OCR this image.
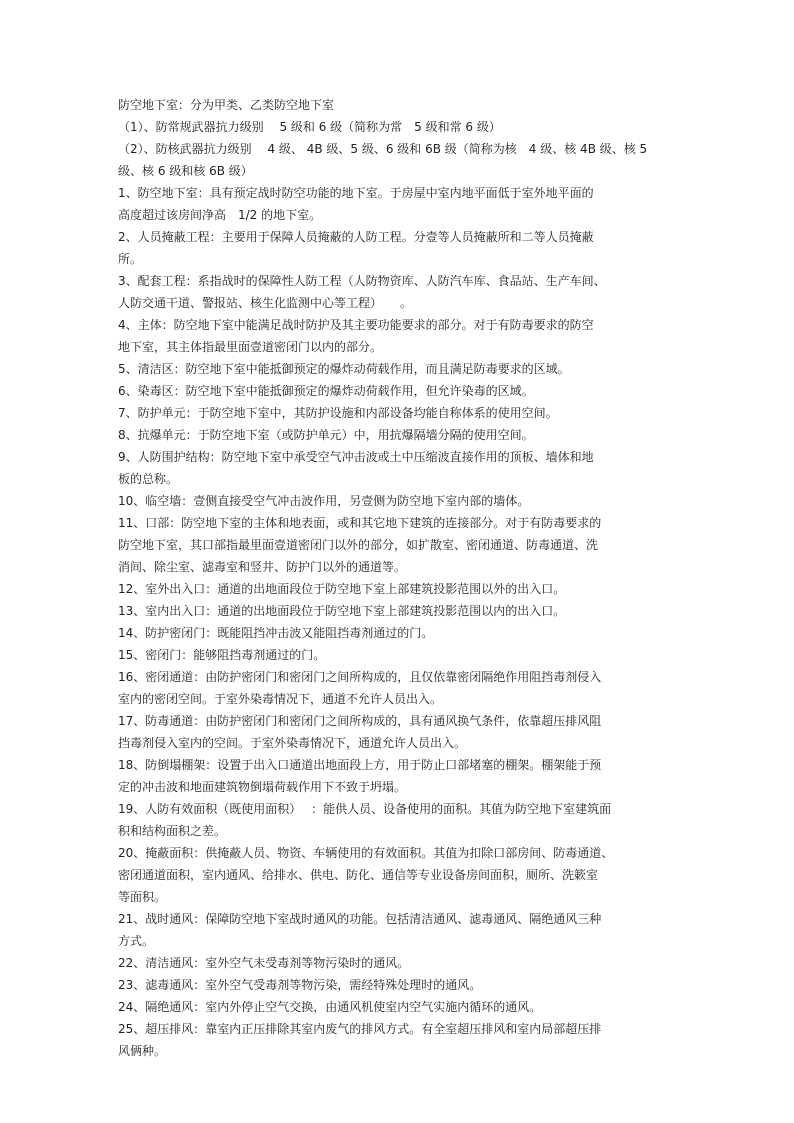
防空地下室：分为甲类、乙类防空地下室
（1）、防常规武器抗力级别　 5 级和 6 级（简称为常　5 级和常 6 级）
（2）、防核武器抗力级别　 4 级、 4B 级、5 级、6 级和 6B 级（简称为核　4 级、核 4B 级、核 5
级、核 6 级和核 6B 级）
1、防空地下室：具有预定战时防空功能的地下室。于房屋中室内地平面低于室外地平面的
高度超过该房间净高　1/2 的地下室。
2、人员掩蔽工程：主要用于保障人员掩蔽的人防工程。分壹等人员掩蔽所和二等人员掩蔽
所。
3、配套工程：系指战时的保障性人防工程（人防物资库、人防汽车库、食品站、生产车间、
人防交通干道、警报站、核生化监测中心等工程）　　。
4、主体：防空地下室中能满足战时防护及其主要功能要求的部分。对于有防毒要求的防空
地下室，其主体指最里面壹道密闭门以内的部分。
5、清洁区：防空地下室中能抵御预定的爆炸动荷载作用，而且满足防毒要求的区域。
6、染毒区：防空地下室中能抵御预定的爆炸动荷载作用，但允许染毒的区域。
7、防护单元：于防空地下室中，其防护设施和内部设备均能自称体系的使用空间。
8、抗爆单元：于防空地下室（或防护单元）中，用抗爆隔墙分隔的使用空间。
9、人防围护结构：防空地下室中承受空气冲击波或土中压缩波直接作用的顶板、墙体和地
板的总称。
10、临空墙：壹侧直接受空气冲击波作用，另壹侧为防空地下室内部的墙体。
11、口部：防空地下室的主体和地表面，或和其它地下建筑的连接部分。对于有防毒要求的
防空地下室，其口部指最里面壹道密闭门以外的部分，如扩散室、密闭通道、防毒通道、洗
消间、除尘室、滤毒室和竖井、防护门以外的通道等。
12、室外出入口：通道的出地面段位于防空地下室上部建筑投影范围以外的出入口。
13、室内出入口：通道的出地面段位于防空地下室上部建筑投影范围以内的出入口。
14、防护密闭门：既能阻挡冲击波又能阻挡毒剂通过的门。
15、密闭门：能够阻挡毒剂通过的门。
16、密闭通道：由防护密闭门和密闭门之间所构成的，且仅依靠密闭隔绝作用阻挡毒剂侵入
室内的密闭空间。于室外染毒情况下，通道不允许人员出入。
17、防毒通道：由防护密闭门和密闭门之间所构成的，具有通风换气条件，依靠超压排风阻
挡毒剂侵入室内的空间。于室外染毒情况下，通道允许人员出入。
18、防倒塌棚架：设置于出入口通道出地面段上方，用于防止口部堵塞的棚架。棚架能于预
定的冲击波和地面建筑物倒塌荷载作用下不致于坍塌。
19、人防有效面积（既使用面积）　 ：能供人员、设备使用的面积。其值为防空地下室建筑面
积和结构面积之差。
20、掩蔽面积：供掩蔽人员、物资、车辆使用的有效面积。其值为扣除口部房间、防毒通道、
密闭通道面积，室内通风、给排水、供电、防化、通信等专业设备房间面积，厕所、洗簌室
等面积。
21、战时通风：保障防空地下室战时通风的功能。包括清洁通风、滤毒通风、隔绝通风三种
方式。
22、清洁通风：室外空气未受毒剂等物污染时的通风。
23、滤毒通风：室外空气受毒剂等物污染，需经特殊处理时的通风。
24、隔绝通风：室内外停止空气交换，由通风机使室内空气实施内循环的通风。
25、超压排风：靠室内正压排除其室内废气的排风方式。有全室超压排风和室内局部超压排
风俩种。
